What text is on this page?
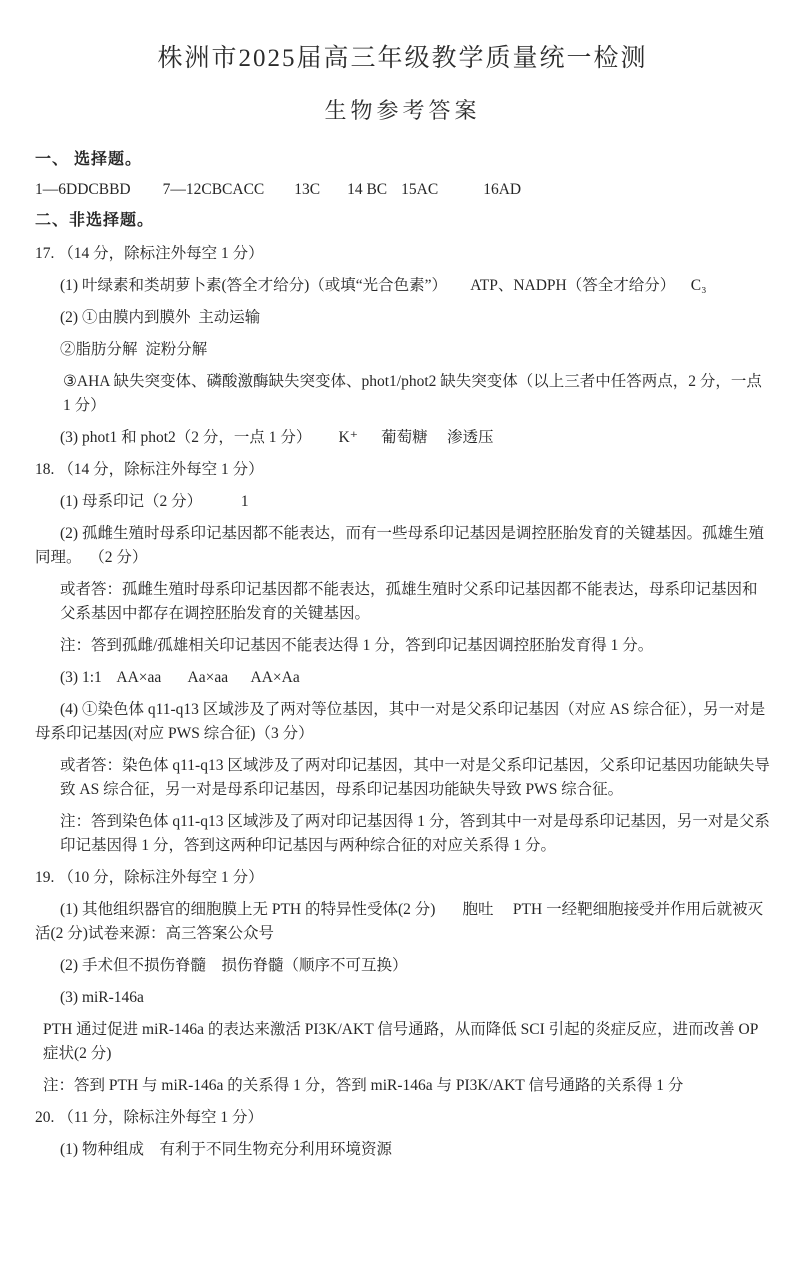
株洲市2025届高三年级教学质量统一检测
生物参考答案

一、 选择题。

1—6DDCBBD 7—12CBCACC 13C 14 BC 15AC	16AD

二、非选择题。

17. （14 分，除标注外每空 1 分）

(1) 叶绿素和类胡萝卜素(答全才给分)（或填“光合色素”）      ATP、NADPH（答全才给分）    C₃

(2) ①由膜内到膜外  主动运输

②脂肪分解  淀粉分解

③AHA 缺失突变体、磷酸激酶缺失突变体、phot1/phot2 缺失突变体（以上三者中任答两点，2 分，一点 1 分）

(3) phot1 和 phot2（2 分，一点 1 分）       K⁺      葡萄糖     渗透压

18. （14 分，除标注外每空 1 分）

(1) 母系印记（2 分）          1

(2) 孤雌生殖时母系印记基因都不能表达，而有一些母系印记基因是调控胚胎发育的关键基因。孤雄生殖同理。  （2 分）

或者答：孤雌生殖时母系印记基因都不能表达，孤雄生殖时父系印记基因都不能表达，母系印记基因和父系基因中都存在调控胚胎发育的关键基因。

注：答到孤雌/孤雄相关印记基因不能表达得 1 分，答到印记基因调控胚胎发育得 1 分。

(3) 1:1    AA×aa       Aa×aa      AA×Aa

(4) ①染色体 q11-q13 区域涉及了两对等位基因，其中一对是父系印记基因（对应 AS 综合征），另一对是母系印记基因(对应 PWS 综合征)（3 分）

或者答：染色体 q11-q13 区域涉及了两对印记基因，其中一对是父系印记基因，父系印记基因功能缺失导致 AS 综合征，另一对是母系印记基因，母系印记基因功能缺失导致 PWS 综合征。

注：答到染色体 q11-q13 区域涉及了两对印记基因得 1 分，答到其中一对是母系印记基因，另一对是父系印记基因得 1 分，答到这两种印记基因与两种综合征的对应关系得 1 分。

19. （10 分，除标注外每空 1 分）

(1) 其他组织器官的细胞膜上无 PTH 的特异性受体(2 分)       胞吐     PTH 一经靶细胞接受并作用后就被灭活(2 分)试卷来源：高三答案公众号

(2) 手术但不损伤脊髓    损伤脊髓（顺序不可互换）

(3) miR-146a

PTH 通过促进 miR-146a 的表达来激活 PI3K/AKT 信号通路，从而降低 SCI 引起的炎症反应，进而改善 OP 症状(2 分)

注：答到 PTH 与 miR-146a 的关系得 1 分，答到 miR-146a 与 PI3K/AKT 信号通路的关系得 1 分

20. （11 分，除标注外每空 1 分）

(1) 物种组成    有利于不同生物充分利用环境资源
